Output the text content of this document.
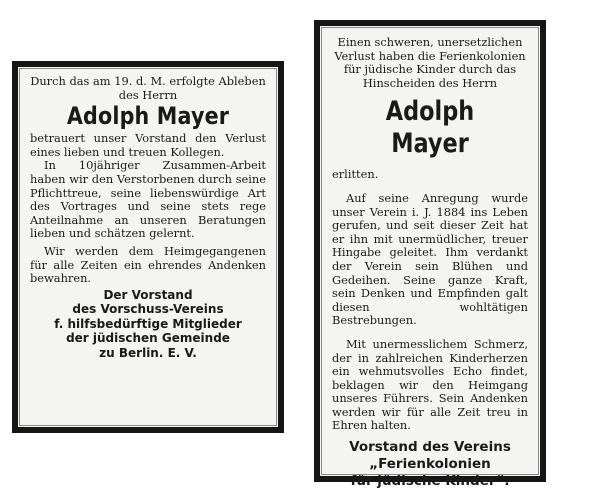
Durch das am 19. d. M. erfolgte Ableben des Herrn

Adolph Mayer

betrauert unser Vorstand den Verlust eines lieben und treuen Kollegen.

In 10jähriger Zusammen-Arbeit haben wir den Verstorbenen durch seine Pflichttreue, seine liebenswürdige Art des Vortrages und seine stets rege Anteilnahme an unseren Beratungen lieben und schätzen gelernt.

Wir werden dem Heimgegangenen für alle Zeiten ein ehrendes Andenken bewahren.

Der Vorstand
des Vorschuss-Vereins
f. hilfsbedürftige Mitglieder
der jüdischen Gemeinde
zu Berlin. E. V.

Einen schweren, unersetzlichen Verlust haben die Ferienkolonien für jüdische Kinder durch das Hinscheiden des Herrn

Adolph Mayer

erlitten.

Auf seine Anregung wurde unser Verein i. J. 1884 ins Leben gerufen, und seit dieser Zeit hat er ihn mit unermüdlicher, treuer Hingabe geleitet. Ihm verdankt der Verein sein Blühen und Gedeihen. Seine ganze Kraft, sein Denken und Empfinden galt diesen wohltätigen Bestrebungen.

Mit unermesslichem Schmerz, der in zahlreichen Kinderherzen ein wehmutsvolles Echo findet, beklagen wir den Heimgang unseres Führers. Sein Andenken werden wir für alle Zeit treu in Ehren halten.

Vorstand des Vereins
„Ferienkolonien
für jüdische Kinder“.
